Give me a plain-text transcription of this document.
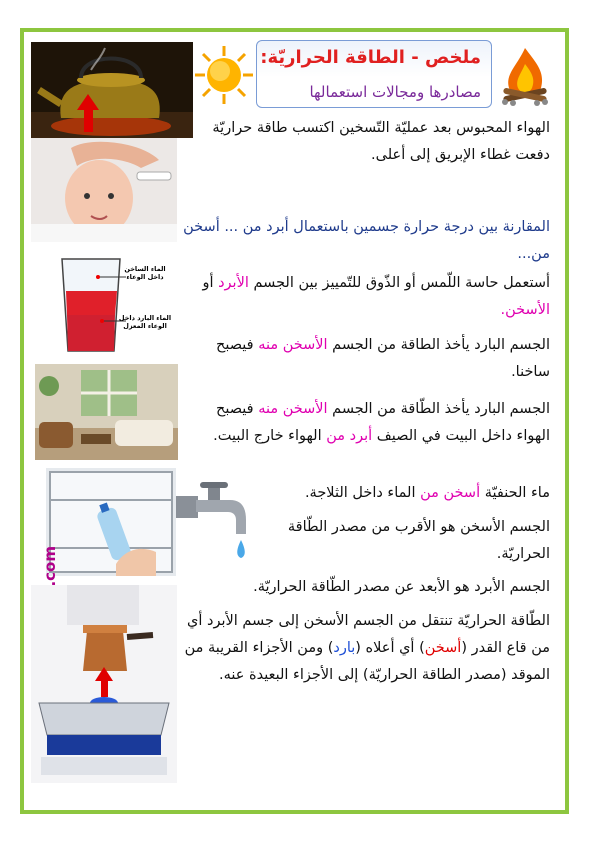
ملخص - الطاقة الحراريّة:
مصادرها ومجالات استعمالها
الماء الساخن داخل الوعاء
الماء البارد داخل الوعاء المعزل
الهواء المحبوس بعد عمليّة التّسخين اكتسب طاقة حراريّة دفعت غطاء الإبريق إلى أعلى.
المقارنة بين درجة حرارة جسمين باستعمال أبرد من ... أسخن من...
أستعمل حاسة اللّمس أو الذّوق للتّمييز بين الجسم الأبرد أو الأسخن.
الجسم البارد يأخذ الطاقة من الجسم الأسخن منه فيصبح ساخنا.
الجسم البارد يأخذ الطّاقة من الجسم الأسخن منه فيصبح الهواء داخل البيت في الصيف أبرد من الهواء خارج البيت.
ماء الحنفيّة أسخن من الماء داخل الثلاجة.
الجسم الأسخن هو الأقرب من مصدر الطّاقة الحراريّة.
الجسم الأبرد هو الأبعد عن مصدر الطّاقة الحراريّة.
الطّاقة الحراريّة تنتقل من الجسم الأسخن إلى جسم الأبرد أي من قاع القدر (أسخن) أي أعلاه (بارد) ومن الأجزاء القريبة من الموقد (مصدر الطاقة الحراريّة) إلى الأجزاء البعيدة عنه.
